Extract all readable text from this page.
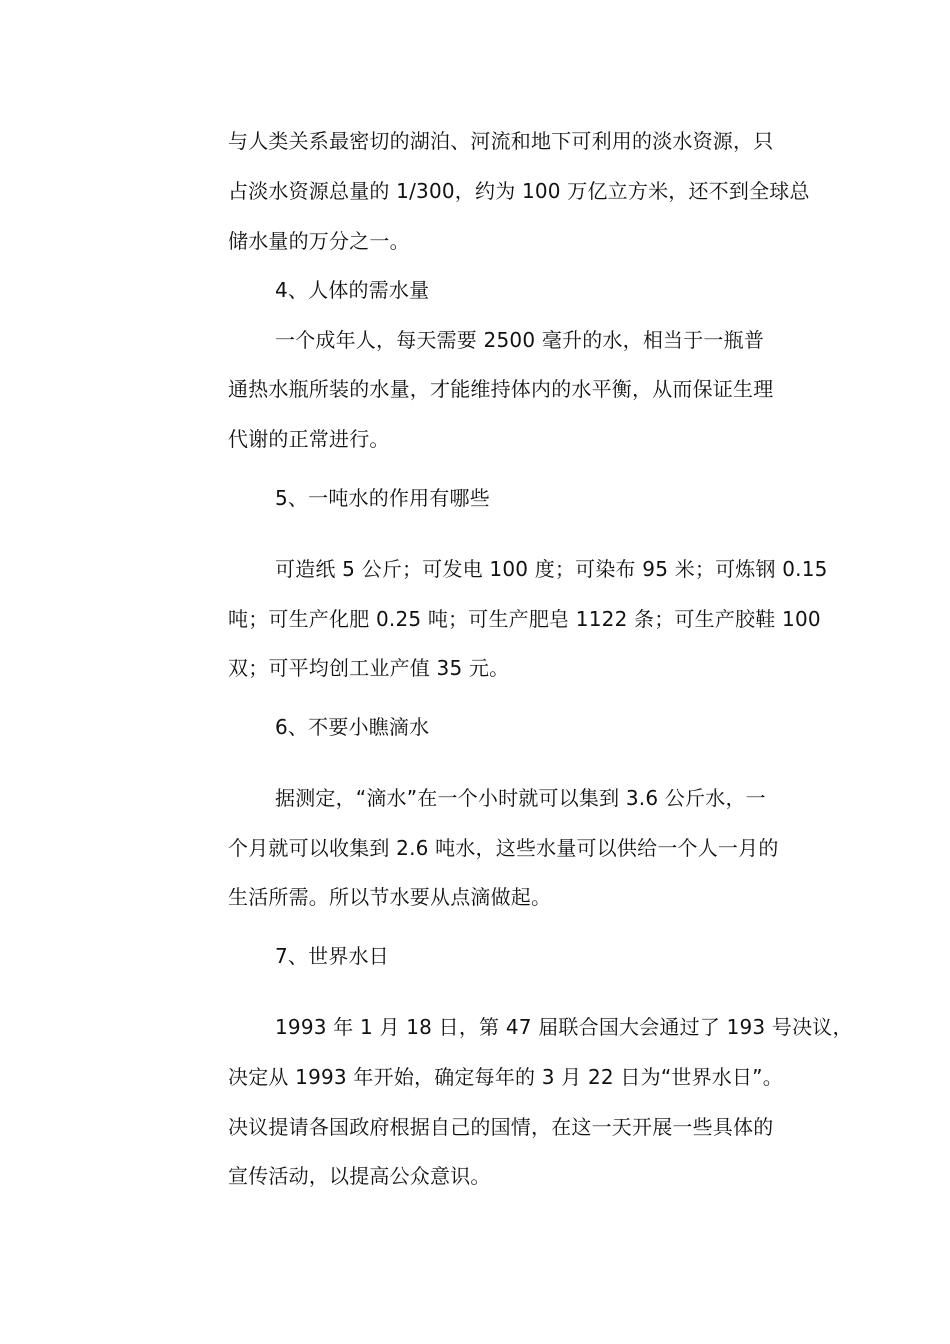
与人类关系最密切的湖泊、河流和地下可利用的淡水资源，只
占淡水资源总量的 1/300，约为 100 万亿立方米，还不到全球总
储水量的万分之一。
4、人体的需水量
一个成年人，每天需要 2500 毫升的水，相当于一瓶普
通热水瓶所装的水量，才能维持体内的水平衡，从而保证生理
代谢的正常进行。
5、一吨水的作用有哪些
可造纸 5 公斤；可发电 100 度；可染布 95 米；可炼钢 0.15
吨；可生产化肥 0.25 吨；可生产肥皂 1122 条；可生产胶鞋 100
双；可平均创工业产值 35 元。
6、不要小瞧滴水
据测定，“滴水”在一个小时就可以集到 3.6 公斤水，一
个月就可以收集到 2.6 吨水，这些水量可以供给一个人一月的
生活所需。所以节水要从点滴做起。
7、世界水日
1993 年 1 月 18 日，第 47 届联合国大会通过了 193 号决议，
决定从 1993 年开始，确定每年的 3 月 22 日为“世界水日”。
决议提请各国政府根据自己的国情，在这一天开展一些具体的
宣传活动，以提高公众意识。
